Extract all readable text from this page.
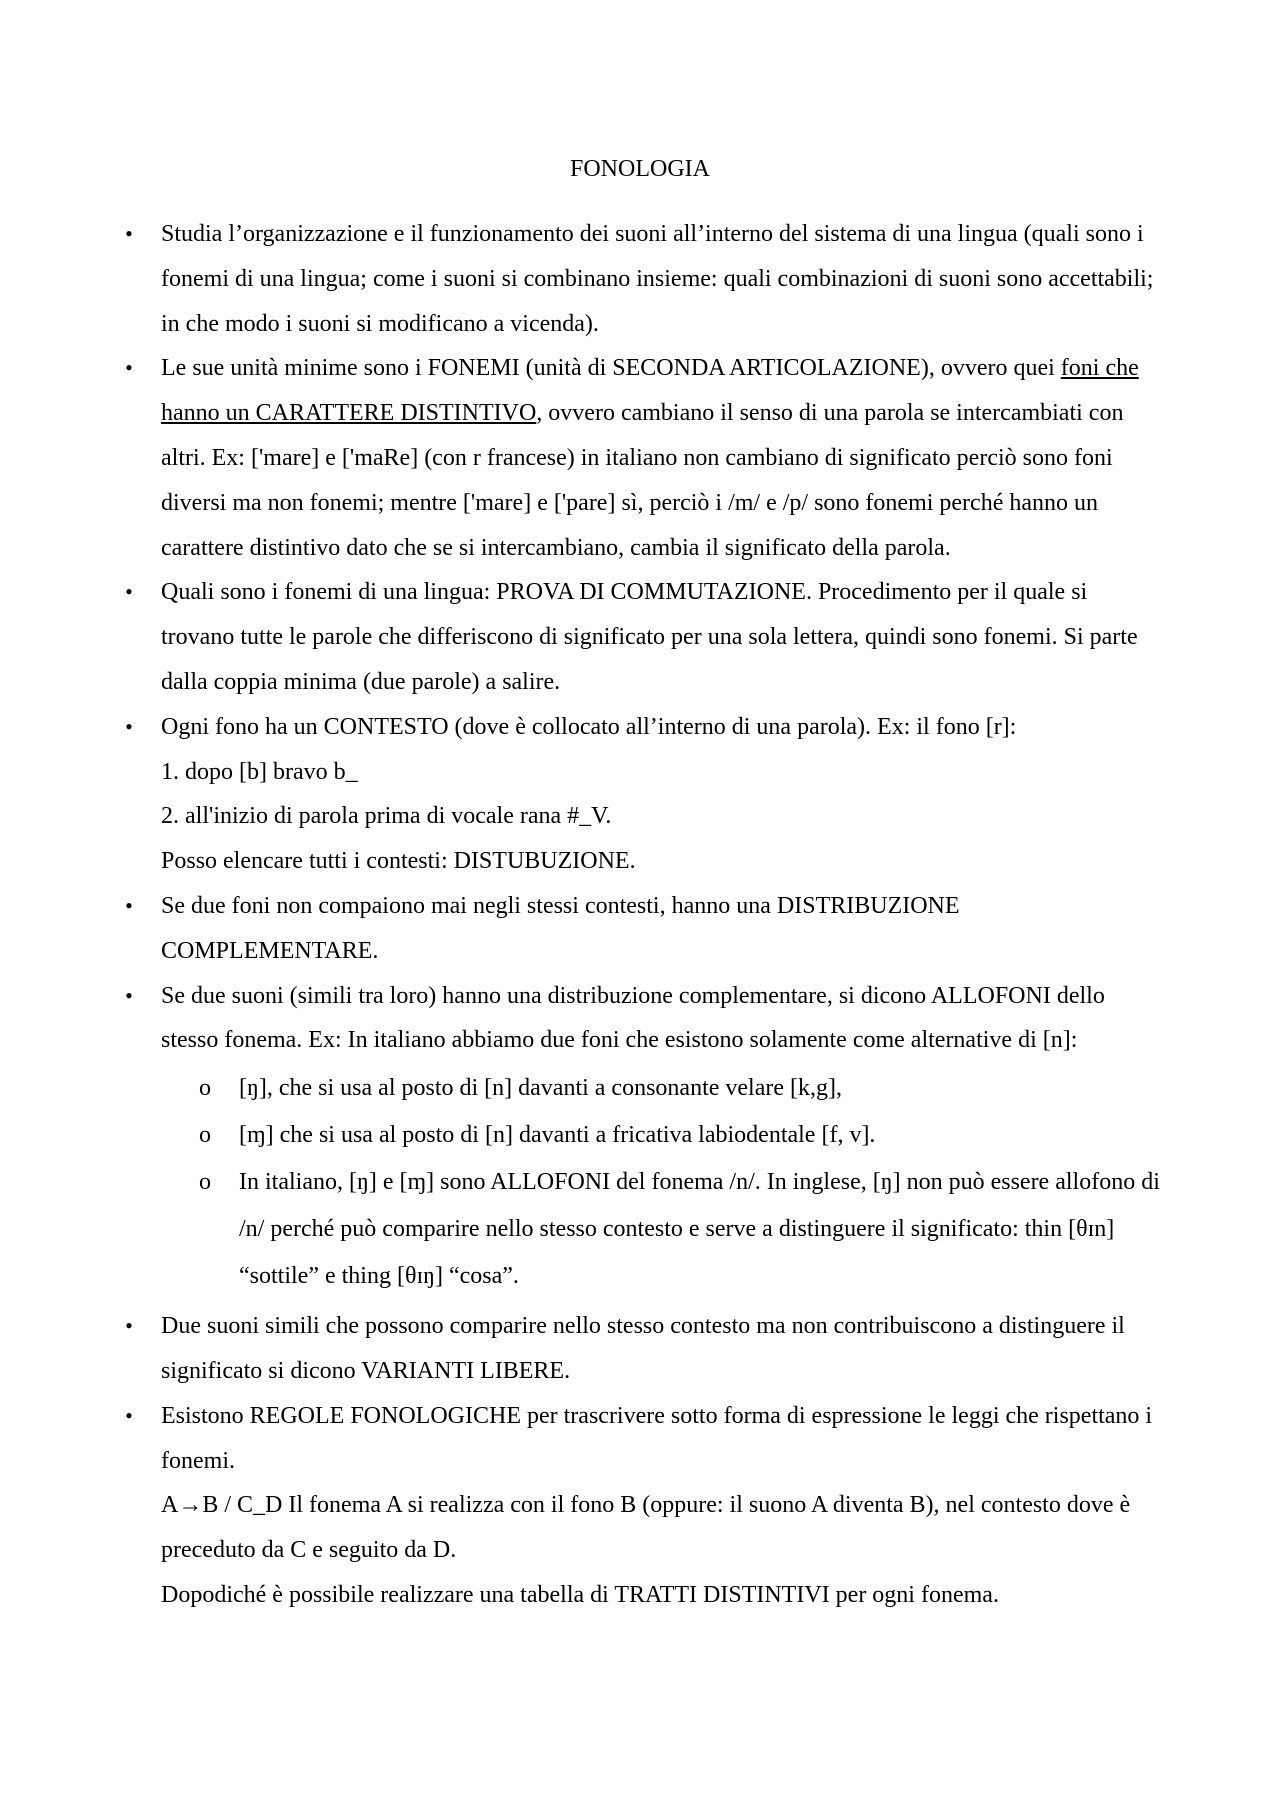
FONOLOGIA
• Studia l’organizzazione e il funzionamento dei suoni all’interno del sistema di una lingua (quali sono i fonemi di una lingua; come i suoni si combinano insieme: quali combinazioni di suoni sono accettabili; in che modo i suoni si modificano a vicenda).
• Le sue unità minime sono i FONEMI (unità di SECONDA ARTICOLAZIONE), ovvero quei foni che hanno un CARATTERE DISTINTIVO, ovvero cambiano il senso di una parola se intercambiati con altri. Ex: ['mare] e ['maRe] (con r francese) in italiano non cambiano di significato perciò sono foni diversi ma non fonemi; mentre ['mare] e ['pare] sì, perciò i /m/ e /p/ sono fonemi perché hanno un carattere distintivo dato che se si intercambiano, cambia il significato della parola.
• Quali sono i fonemi di una lingua: PROVA DI COMMUTAZIONE. Procedimento per il quale si trovano tutte le parole che differiscono di significato per una sola lettera, quindi sono fonemi. Si parte dalla coppia minima (due parole) a salire.
• Ogni fono ha un CONTESTO (dove è collocato all’interno di una parola). Ex: il fono [r]:
1. dopo [b] bravo b_
2. all'inizio di parola prima di vocale rana #_V.
Posso elencare tutti i contesti: DISTUBUZIONE.
• Se due foni non compaiono mai negli stessi contesti, hanno una DISTRIBUZIONE COMPLEMENTARE.
• Se due suoni (simili tra loro) hanno una distribuzione complementare, si dicono ALLOFONI dello stesso fonema. Ex: In italiano abbiamo due foni che esistono solamente come alternative di [n]:
o [ŋ], che si usa al posto di [n] davanti a consonante velare [k,g],
o [ɱ] che si usa al posto di [n] davanti a fricativa labiodentale [f, v].
o In italiano, [ŋ] e [ɱ] sono ALLOFONI del fonema /n/. In inglese, [ŋ] non può essere allofono di /n/ perché può comparire nello stesso contesto e serve a distinguere il significato: thin [θɪn] “sottile” e thing [θɪŋ] “cosa”.
• Due suoni simili che possono comparire nello stesso contesto ma non contribuiscono a distinguere il significato si dicono VARIANTI LIBERE.
• Esistono REGOLE FONOLOGICHE per trascrivere sotto forma di espressione le leggi che rispettano i fonemi.
A→B / C_D Il fonema A si realizza con il fono B (oppure: il suono A diventa B), nel contesto dove è preceduto da C e seguito da D.
Dopodiché è possibile realizzare una tabella di TRATTI DISTINTIVI per ogni fonema.
